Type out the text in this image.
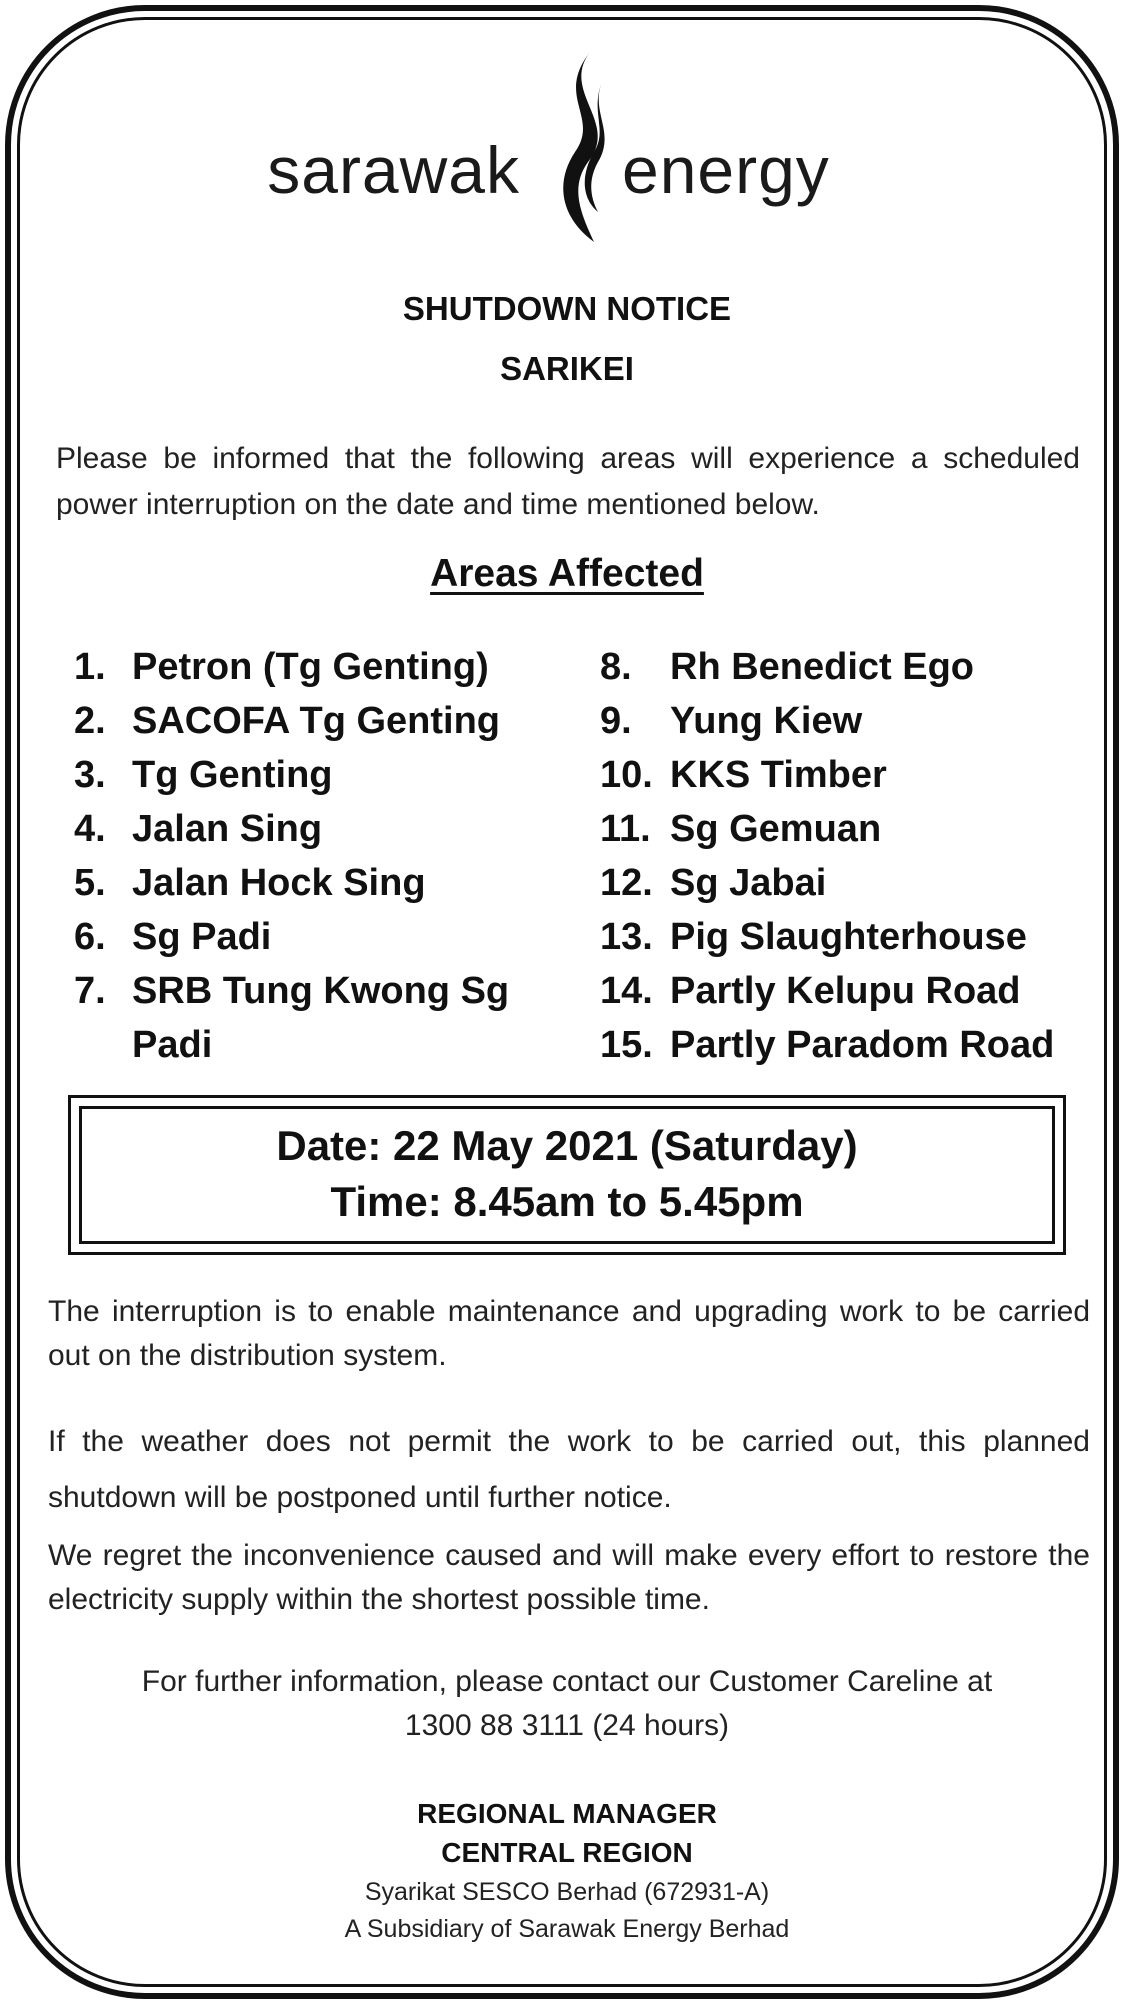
sarawak energy
SHUTDOWN NOTICE
SARIKEI
Please be informed that the following areas will experience a scheduled power interruption on the date and time mentioned below.
Areas Affected
1. Petron (Tg Genting)
2. SACOFA Tg Genting
3. Tg Genting
4. Jalan Sing
5. Jalan Hock Sing
6. Sg Padi
7. SRB Tung Kwong Sg Padi
8.	Rh Benedict Ego
9.	Yung Kiew
10. KKS Timber
11. Sg Gemuan
12. Sg Jabai
13. Pig Slaughterhouse
14. Partly Kelupu Road
15. Partly Paradom Road
Date: 22 May 2021 (Saturday)
Time: 8.45am to 5.45pm
The interruption is to enable maintenance and upgrading work to be carried out on the distribution system.
If the weather does not permit the work to be carried out, this planned shutdown will be postponed until further notice.
We regret the inconvenience caused and will make every effort to restore the electricity supply within the shortest possible time.
For further information, please contact our Customer Careline at
1300 88 3111 (24 hours)
REGIONAL MANAGER
CENTRAL REGION
Syarikat SESCO Berhad (672931-A)
A Subsidiary of Sarawak Energy Berhad
